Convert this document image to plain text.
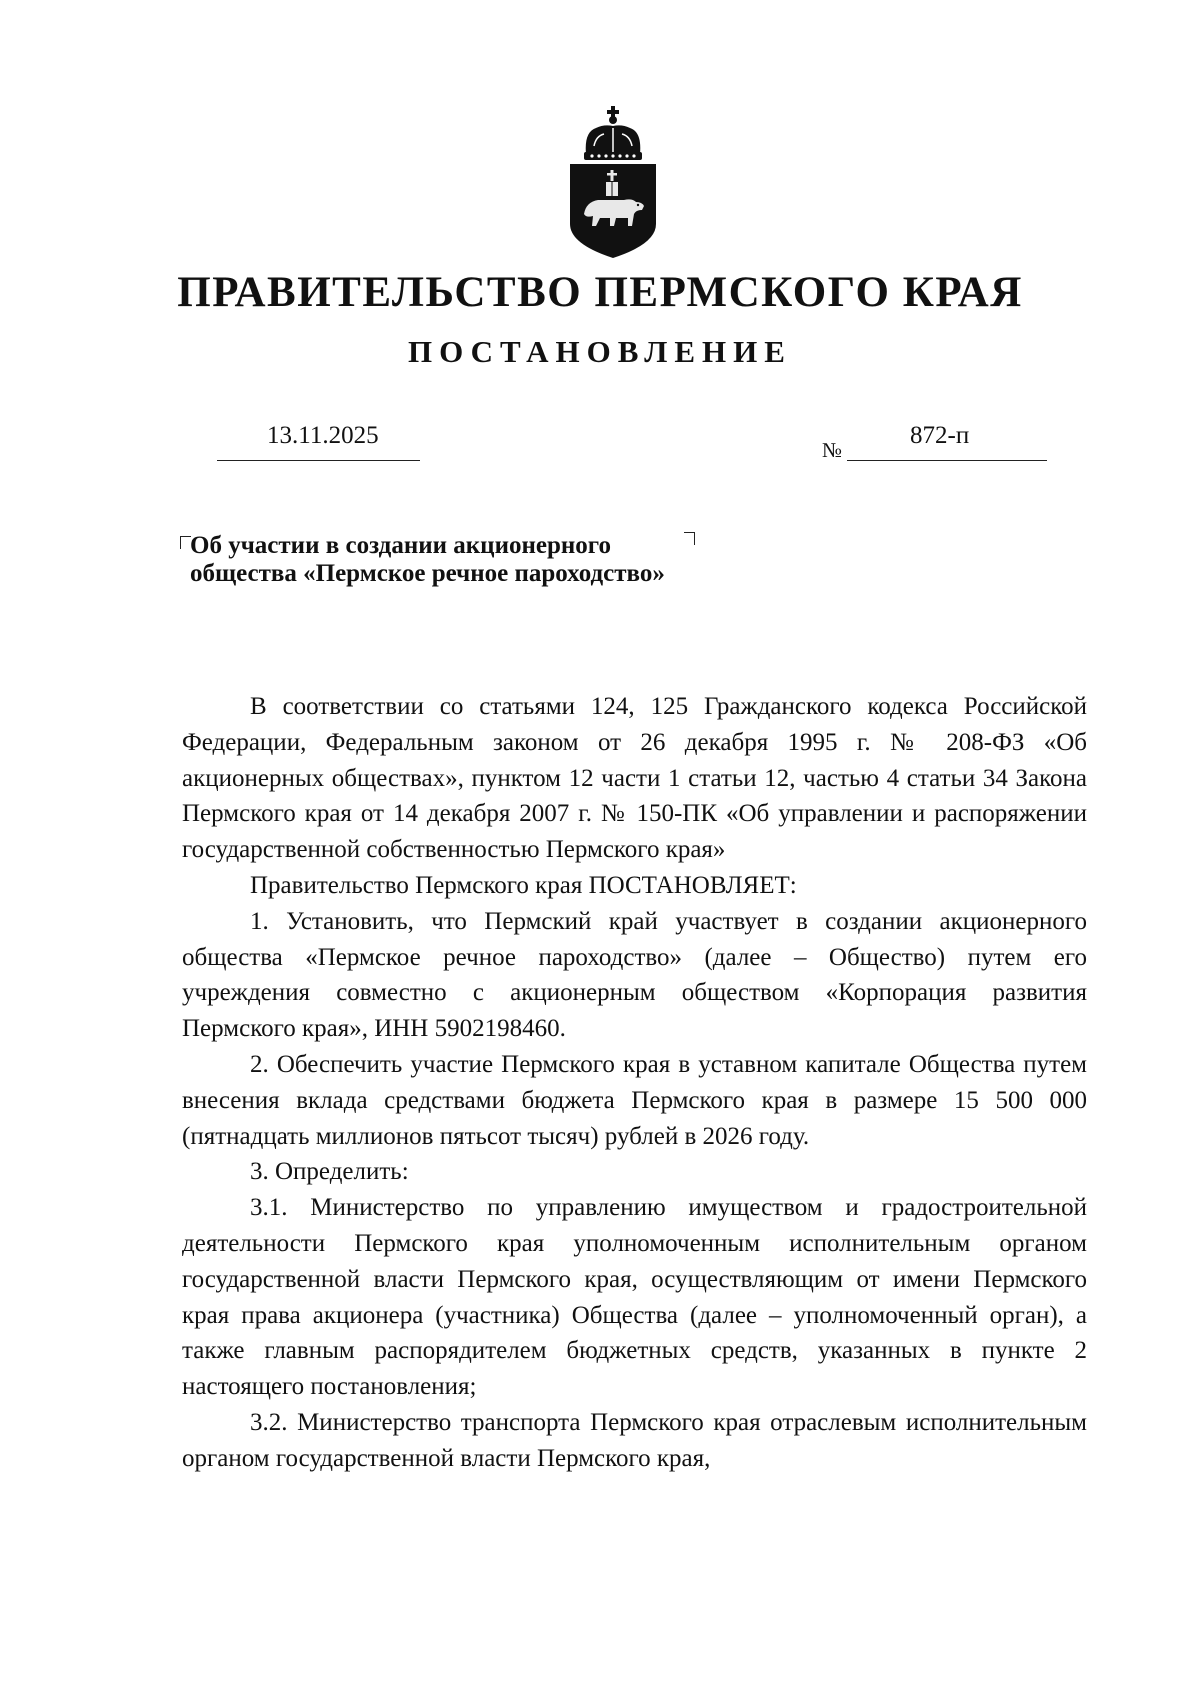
ПРАВИТЕЛЬСТВО ПЕРМСКОГО КРАЯ
ПОСТАНОВЛЕНИЕ
13.11.2025
№
872-п
Об участии в создании акционерного
общества «Пермское речное пароходство»

В соответствии со статьями 124, 125 Гражданского кодекса Российской Федерации, Федеральным законом от 26 декабря 1995 г. № 208-ФЗ «Об акционерных обществах», пунктом 12 части 1 статьи 12, частью 4 статьи 34 Закона Пермского края от 14 декабря 2007 г. № 150-ПК «Об управлении и распоряжении государственной собственностью Пермского края»

Правительство Пермского края ПОСТАНОВЛЯЕТ:

1. Установить, что Пермский край участвует в создании акционерного общества «Пермское речное пароходство» (далее – Общество) путем его учреждения совместно с акционерным обществом «Корпорация развития Пермского края», ИНН 5902198460.

2. Обеспечить участие Пермского края в уставном капитале Общества путем внесения вклада средствами бюджета Пермского края в размере 15 500 000 (пятнадцать миллионов пятьсот тысяч) рублей в 2026 году.

3. Определить:

3.1. Министерство по управлению имуществом и градостроительной деятельности Пермского края уполномоченным исполнительным органом государственной власти Пермского края, осуществляющим от имени Пермского края права акционера (участника) Общества (далее – уполномоченный орган), а также главным распорядителем бюджетных средств, указанных в пункте 2 настоящего постановления;

3.2. Министерство транспорта Пермского края отраслевым исполнительным органом государственной власти Пермского края,
